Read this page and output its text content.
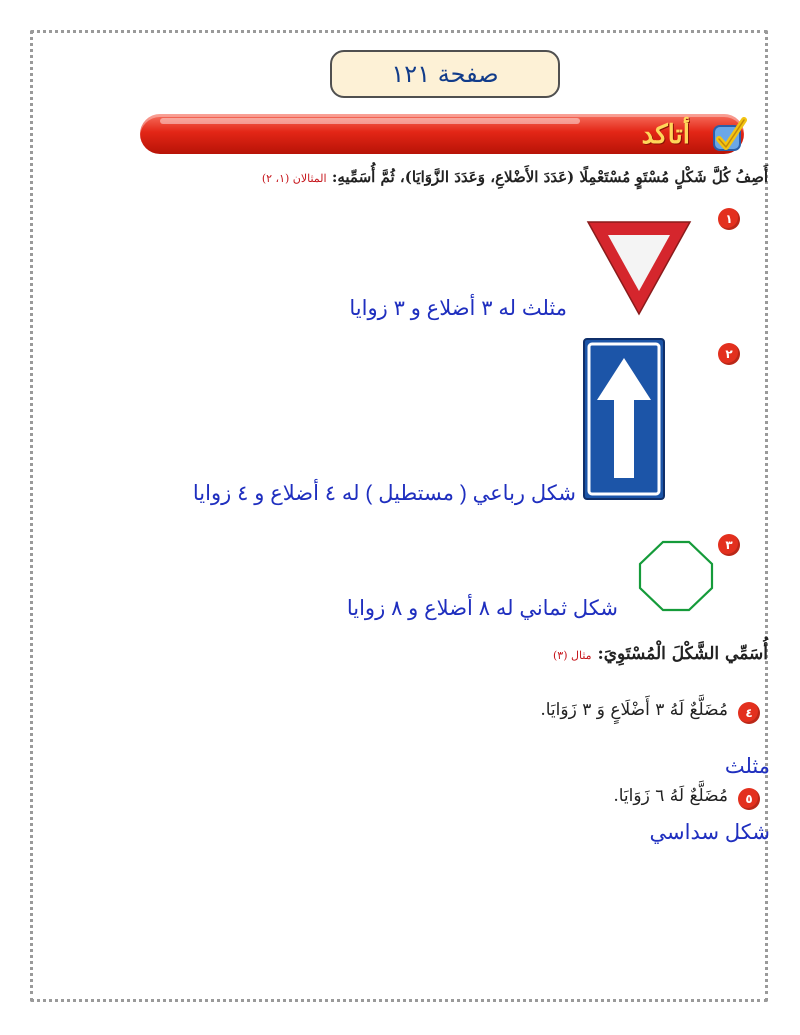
صفحة ١٢١
أتاكد
أَصِفُ كُلَّ شَكْلٍ مُسْتَوٍ مُسْتَعْمِلًا (عَدَدَ الأَضْلاعِ، وَعَدَدَ الزَّوَايَا)، ثُمَّ أُسَمِّيهِ: المثالان (١، ٢)
١
مثلث له ٣ أضلاع و ٣ زوايا
٢
شكل رباعي ( مستطيل ) له ٤ أضلاع و ٤ زوايا
٣
شكل ثماني له ٨ أضلاع و ٨ زوايا
أُسَمِّي الشَّكْلَ الْمُسْتَوِيَ: مثال (٣)
٤
مُضَلَّعٌ لَهُ ٣ أَضْلَاعٍ وَ ٣ زَوَايَا.
مثلث
٥
مُضَلَّعٌ لَهُ ٦ زَوَايَا.
شكل سداسي
